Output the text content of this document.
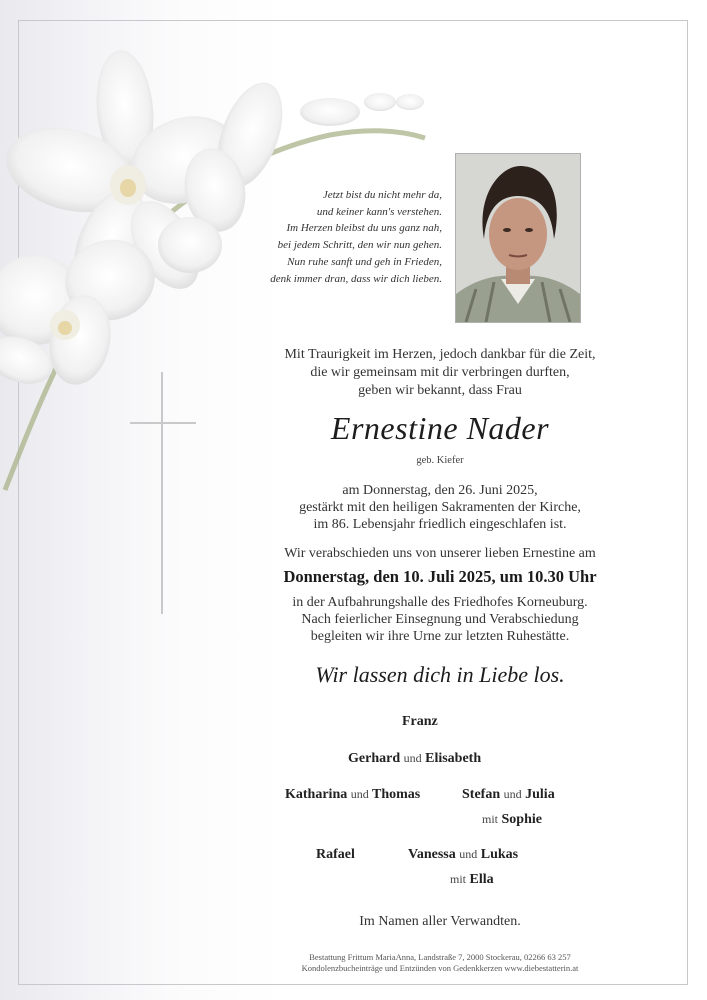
Jetzt bist du nicht mehr da,
und keiner kann's verstehen.
Im Herzen bleibst du uns ganz nah,
bei jedem Schritt, den wir nun gehen.
Nun ruhe sanft und geh in Frieden,
denk immer dran, dass wir dich lieben.
Mit Traurigkeit im Herzen, jedoch dankbar für die Zeit,
die wir gemeinsam mit dir verbringen durften,
geben wir bekannt, dass Frau
Ernestine Nader
geb. Kiefer
am Donnerstag, den 26. Juni 2025,
gestärkt mit den heiligen Sakramenten der Kirche,
im 86. Lebensjahr friedlich eingeschlafen ist.
Wir verabschieden uns von unserer lieben Ernestine am
Donnerstag, den 10. Juli 2025, um 10.30 Uhr
in der Aufbahrungshalle des Friedhofes Korneuburg.
Nach feierlicher Einsegnung und Verabschiedung
begleiten wir ihre Urne zur letzten Ruhestätte.
Wir lassen dich in Liebe los.
Franz
Gerhard und Elisabeth
Katharina und Thomas	Stefan und Julia
mit Sophie
Rafael	Vanessa und Lukas
mit Ella
Im Namen aller Verwandten.
Bestattung Frittum MariaAnna, Landstraße 7, 2000 Stockerau, 02266 63 257
Kondolenzbucheinträge und Entzünden von Gedenkkerzen www.diebestatterin.at
